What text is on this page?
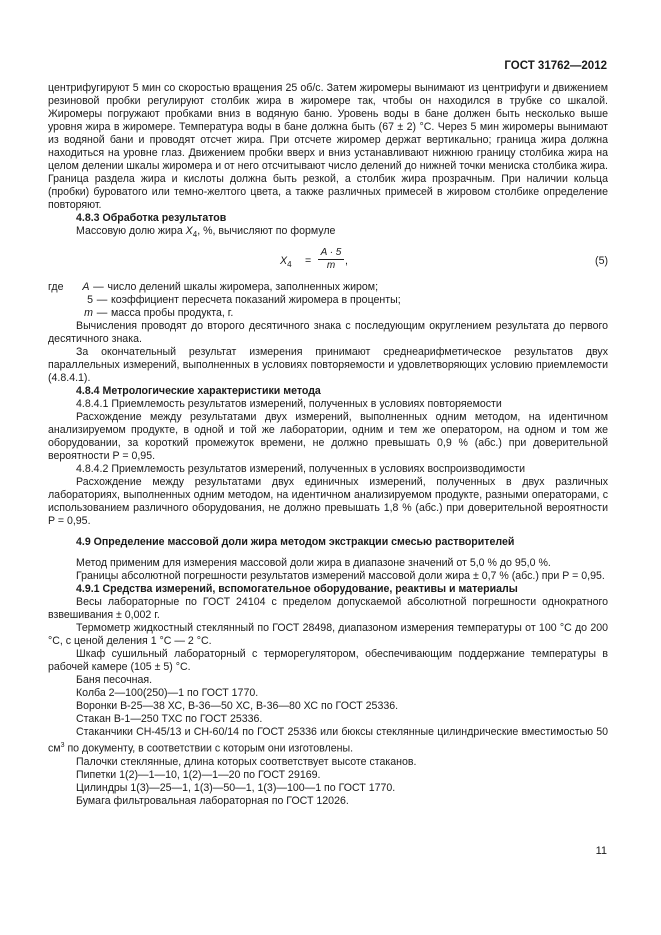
ГОСТ 31762—2012

центрифугируют 5 мин со скоростью вращения 25 об/с. Затем жиромеры вынимают из центрифуги и движением резиновой пробки регулируют столбик жира в жиромере так, чтобы он находился в трубке со шкалой. Жиромеры погружают пробками вниз в водяную баню. Уровень воды в бане должен быть несколько выше уровня жира в жиромере. Температура воды в бане должна быть (67 ± 2) °С. Через 5 мин жиромеры вынимают из водяной бани и проводят отсчет жира. При отсчете жиромер держат вертикально; граница жира должна находиться на уровне глаз. Движением пробки вверх и вниз устанавливают нижнюю границу столбика жира на целом делении шкалы жиромера и от него отсчитывают число делений до нижней точки мениска столбика жира. Граница раздела жира и кислоты должна быть резкой, а столбик жира прозрачным. При наличии кольца (пробки) буроватого или темно-желтого цвета, а также различных примесей в жировом столбике определение повторяют.

4.8.3 Обработка результатов

Массовую долю жира $X_4$, %, вычисляют по формуле

$X_4 = \frac{A \cdot 5}{m}$ ,	(5)

где A — число делений шкалы жиромера, заполненных жиром;

5 — коэффициент пересчета показаний жиромера в проценты;

m — масса пробы продукта, г.

Вычисления проводят до второго десятичного знака с последующим округлением результата до первого десятичного знака.

За окончательный результат измерения принимают среднеарифметическое результатов двух параллельных измерений, выполненных в условиях повторяемости и удовлетворяющих условию приемлемости (4.8.4.1).

4.8.4 Метрологические характеристики метода

4.8.4.1 Приемлемость результатов измерений, полученных в условиях повторяемости

Расхождение между результатами двух измерений, выполненных одним методом, на идентичном анализируемом продукте, в одной и той же лаборатории, одним и тем же оператором, на одном и том же оборудовании, за короткий промежуток времени, не должно превышать 0,9 % (абс.) при доверительной вероятности P = 0,95.

4.8.4.2 Приемлемость результатов измерений, полученных в условиях воспроизводимости

Расхождение между результатами двух единичных измерений, полученных в двух различных лабораториях, выполненных одним методом, на идентичном анализируемом продукте, разными операторами, с использованием различного оборудования, не должно превышать 1,8 % (абс.) при доверительной вероятности P = 0,95.

4.9 Определение массовой доли жира методом экстракции смесью растворителей

Метод применим для измерения массовой доли жира в диапазоне значений от 5,0 % до 95,0 %.

Границы абсолютной погрешности результатов измерений массовой доли жира ± 0,7 % (абс.) при P = 0,95.

4.9.1 Средства измерений, вспомогательное оборудование, реактивы и материалы

Весы лабораторные по ГОСТ 24104 с пределом допускаемой абсолютной погрешности однократного взвешивания ± 0,002 г.

Термометр жидкостный стеклянный по ГОСТ 28498, диапазоном измерения температуры от 100 °С до 200 °С, с ценой деления 1 °С — 2 °С.

Шкаф сушильный лабораторный с терморегулятором, обеспечивающим поддержание температуры в рабочей камере (105 ± 5) °С.

Баня песочная.

Колба 2—100(250)—1 по ГОСТ 1770.

Воронки В-25—38 ХС, В-36—50 ХС, В-36—80 ХС по ГОСТ 25336.

Стакан В-1—250 ТХС по ГОСТ 25336.

Стаканчики СН-45/13 и СН-60/14 по ГОСТ 25336 или бюксы стеклянные цилиндрические вместимостью 50 $см^3$ по документу, в соответствии с которым они изготовлены.

Палочки стеклянные, длина которых соответствует высоте стаканов.

Пипетки 1(2)—1—10, 1(2)—1—20 по ГОСТ 29169.

Цилиндры 1(3)—25—1, 1(3)—50—1, 1(3)—100—1 по ГОСТ 1770.

Бумага фильтровальная лабораторная по ГОСТ 12026.

11
